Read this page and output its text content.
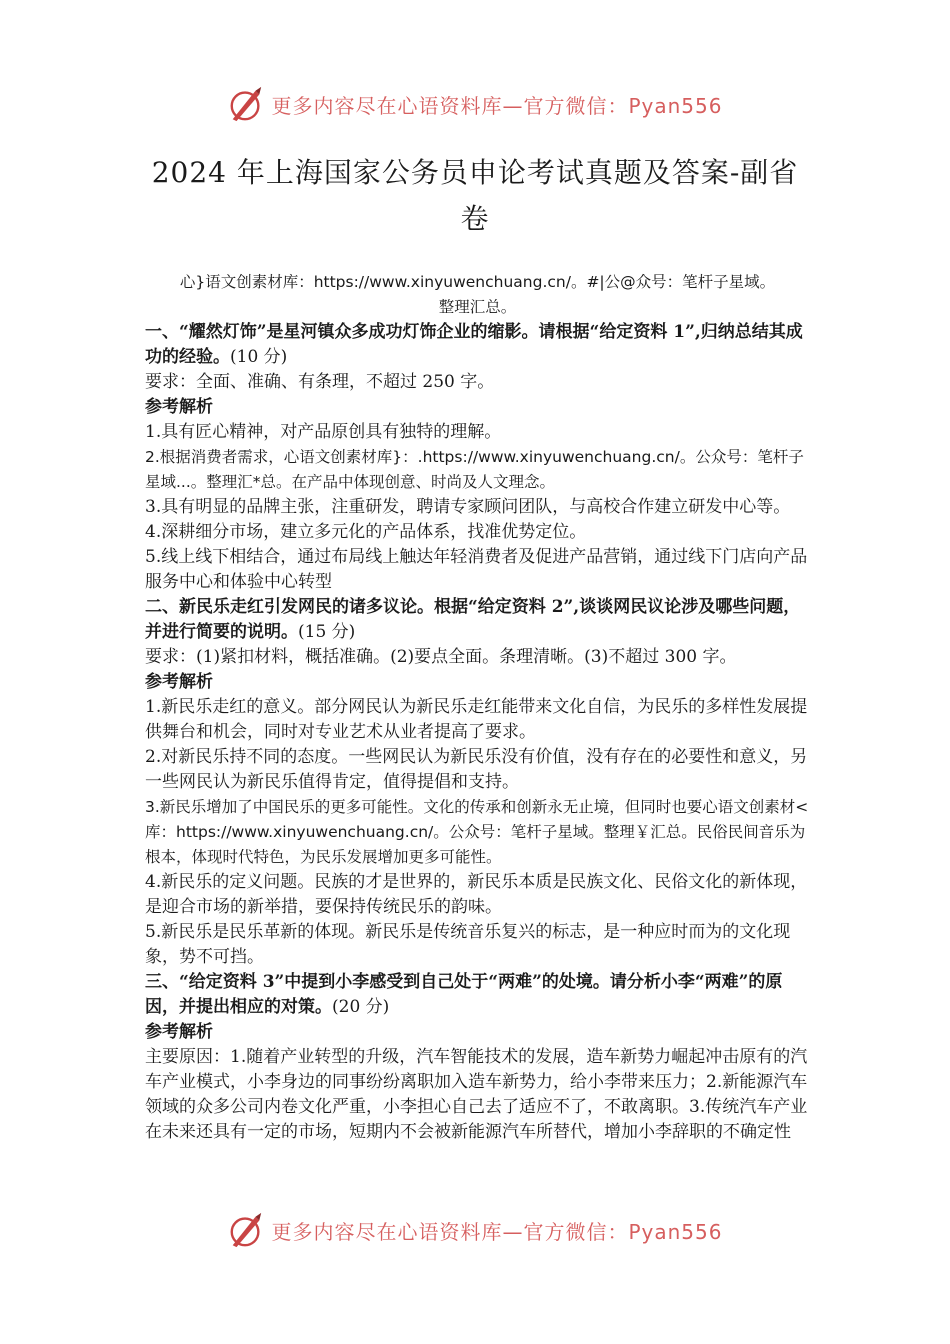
更多内容尽在心语资料库—官方微信：Pyan556
2024 年上海国家公务员申论考试真题及答案-副省
卷

心}语文创素材库：https://www.xinyuwenchuang.cn/。#|公@众号：笔杆子星域。

整理汇总。

一、“耀然灯饰”是星河镇众多成功灯饰企业的缩影。请根据“给定资料 1”,归纳总结其成功的经验。(10 分)

要求：全面、准确、有条理，不超过 250 字。

参考解析

1.具有匠心精神，对产品原创具有独特的理解。

2.根据消费者需求，心语文创素材库}：.https://www.xinyuwenchuang.cn/。公众号：笔杆子星域...。整理汇*总。在产品中体现创意、时尚及人文理念。

3.具有明显的品牌主张，注重研发，聘请专家顾问团队，与高校合作建立研发中心等。

4.深耕细分市场，建立多元化的产品体系，找准优势定位。

5.线上线下相结合，通过布局线上触达年轻消费者及促进产品营销，通过线下门店向产品服务中心和体验中心转型

二、新民乐走红引发网民的诸多议论。根据“给定资料 2”,谈谈网民议论涉及哪些问题，并进行简要的说明。(15 分)

要求：(1)紧扣材料，概括准确。(2)要点全面。条理清晰。(3)不超过 300 字。

参考解析

1.新民乐走红的意义。部分网民认为新民乐走红能带来文化自信，为民乐的多样性发展提供舞台和机会，同时对专业艺术从业者提高了要求。

2.对新民乐持不同的态度。一些网民认为新民乐没有价值，没有存在的必要性和意义，另一些网民认为新民乐值得肯定，值得提倡和支持。

3.新民乐增加了中国民乐的更多可能性。文化的传承和创新永无止境，但同时也要心语文创素材<库：https://www.xinyuwenchuang.cn/。公众号：笔杆子星域。整理￥汇总。民俗民间音乐为根本，体现时代特色，为民乐发展增加更多可能性。

4.新民乐的定义问题。民族的才是世界的，新民乐本质是民族文化、民俗文化的新体现，是迎合市场的新举措，要保持传统民乐的韵味。

5.新民乐是民乐革新的体现。新民乐是传统音乐复兴的标志，是一种应时而为的文化现象，势不可挡。

三、“给定资料 3”中提到小李感受到自己处于“两难”的处境。请分析小李“两难”的原因，并提出相应的对策。(20 分)

参考解析

主要原因：1.随着产业转型的升级，汽车智能技术的发展，造车新势力崛起冲击原有的汽车产业模式，小李身边的同事纷纷离职加入造车新势力，给小李带来压力；2.新能源汽车领域的众多公司内卷文化严重，小李担心自己去了适应不了，不敢离职。3.传统汽车产业在未来还具有一定的市场，短期内不会被新能源汽车所替代，增加小李辞职的不确定性

更多内容尽在心语资料库—官方微信：Pyan556
